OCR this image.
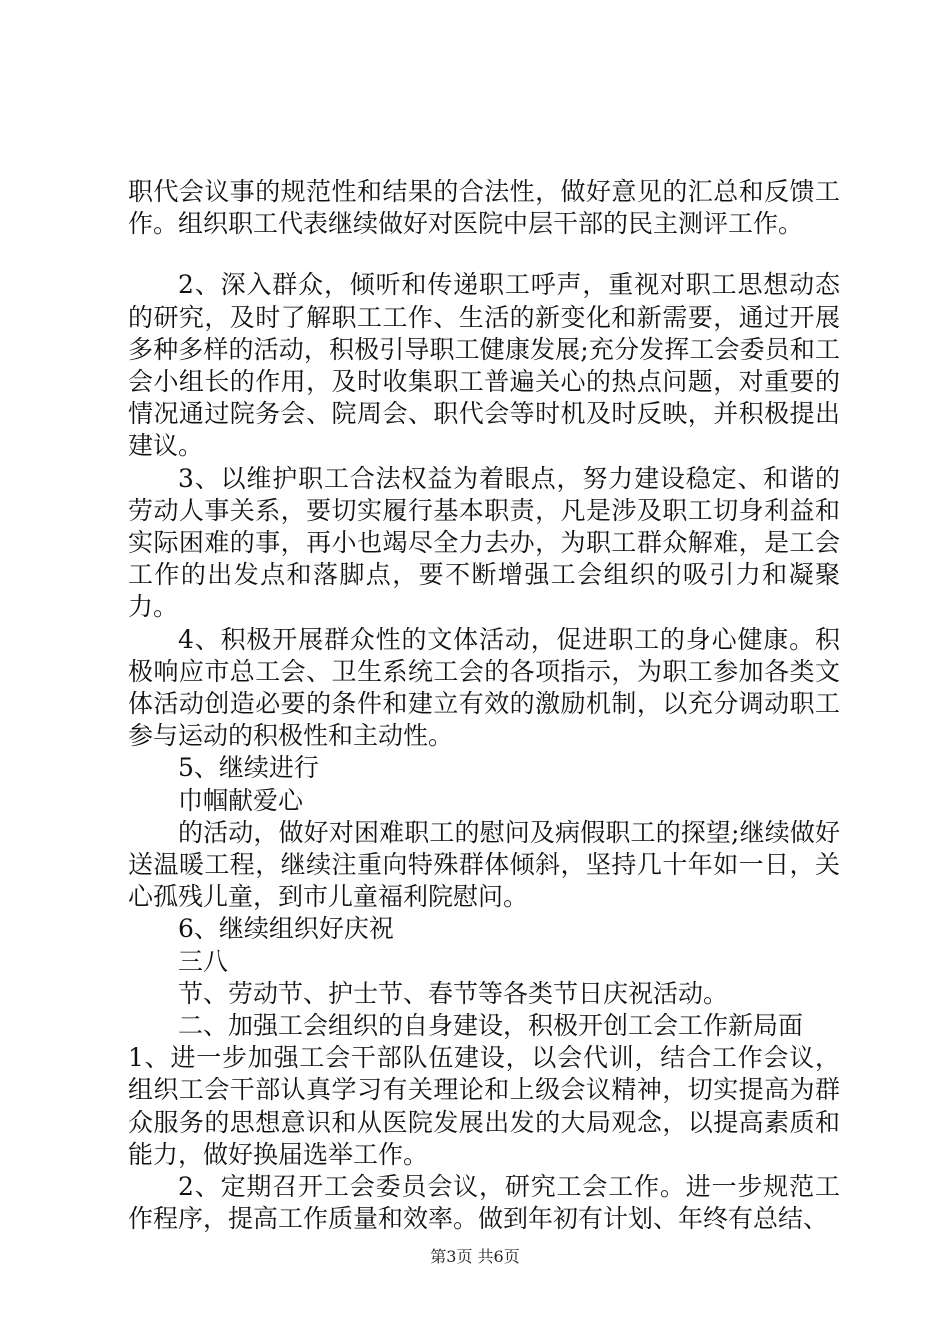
职代会议事的规范性和结果的合法性，做好意见的汇总和反馈工作。组织职工代表继续做好对医院中层干部的民主测评工作。

2、深入群众，倾听和传递职工呼声，重视对职工思想动态的研究，及时了解职工工作、生活的新变化和新需要，通过开展多种多样的活动，积极引导职工健康发展;充分发挥工会委员和工会小组长的作用，及时收集职工普遍关心的热点问题，对重要的情况通过院务会、院周会、职代会等时机及时反映，并积极提出建议。

3、以维护职工合法权益为着眼点，努力建设稳定、和谐的劳动人事关系，要切实履行基本职责，凡是涉及职工切身利益和实际困难的事，再小也竭尽全力去办，为职工群众解难，是工会工作的出发点和落脚点，要不断增强工会组织的吸引力和凝聚力。

4、积极开展群众性的文体活动，促进职工的身心健康。积极响应市总工会、卫生系统工会的各项指示，为职工参加各类文体活动创造必要的条件和建立有效的激励机制，以充分调动职工参与运动的积极性和主动性。

5、继续进行

巾帼献爱心

的活动，做好对困难职工的慰问及病假职工的探望;继续做好送温暖工程，继续注重向特殊群体倾斜，坚持几十年如一日，关心孤残儿童，到市儿童福利院慰问。

6、继续组织好庆祝

三八

节、劳动节、护士节、春节等各类节日庆祝活动。

二、加强工会组织的自身建设，积极开创工会工作新局面

1、进一步加强工会干部队伍建设，以会代训，结合工作会议，组织工会干部认真学习有关理论和上级会议精神，切实提高为群众服务的思想意识和从医院发展出发的大局观念，以提高素质和能力，做好换届选举工作。

2、定期召开工会委员会议，研究工会工作。进一步规范工作程序，提高工作质量和效率。做到年初有计划、年终有总结、

第3页 共6页
